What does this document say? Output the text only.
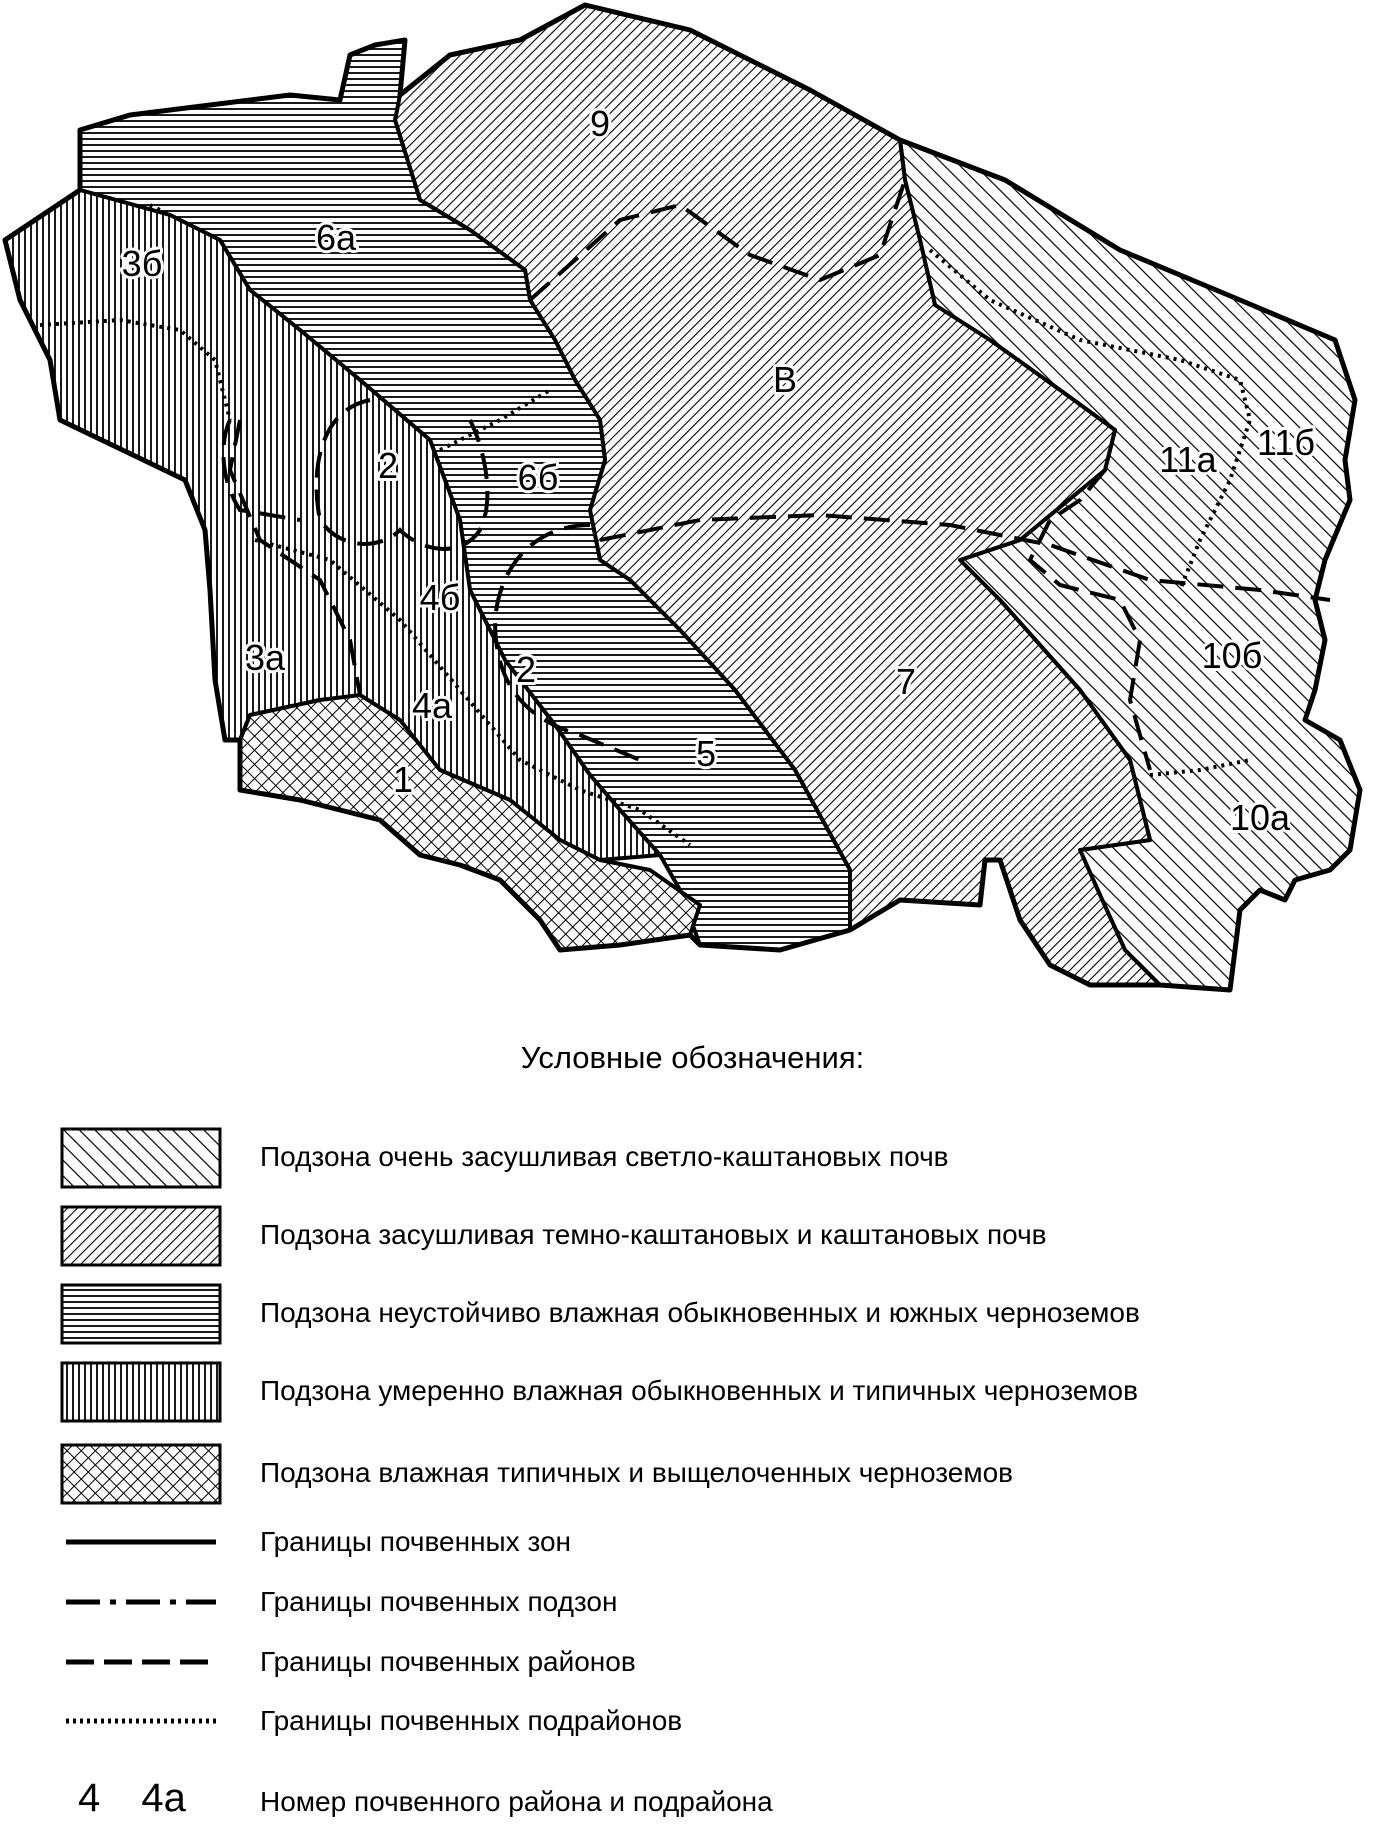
9
6а
3б
В
2	6б	11а 11б
4б
3а	2
4а
10б
7
5
1
10а
Условные обозначения:
Подзона очень засушливая светло-каштановых почв
Подзона засушливая темно-каштановых и каштановых почв
Подзона неустойчиво влажная обыкновенных и южных черноземов
Подзона умеренно влажная обыкновенных и типичных черноземов
Подзона влажная типичных и выщелоченных черноземов
Границы почвенных зон
Границы почвенных подзон
Границы почвенных районов
Границы почвенных подрайонов
4 4а	Номер почвенного района и подрайона
